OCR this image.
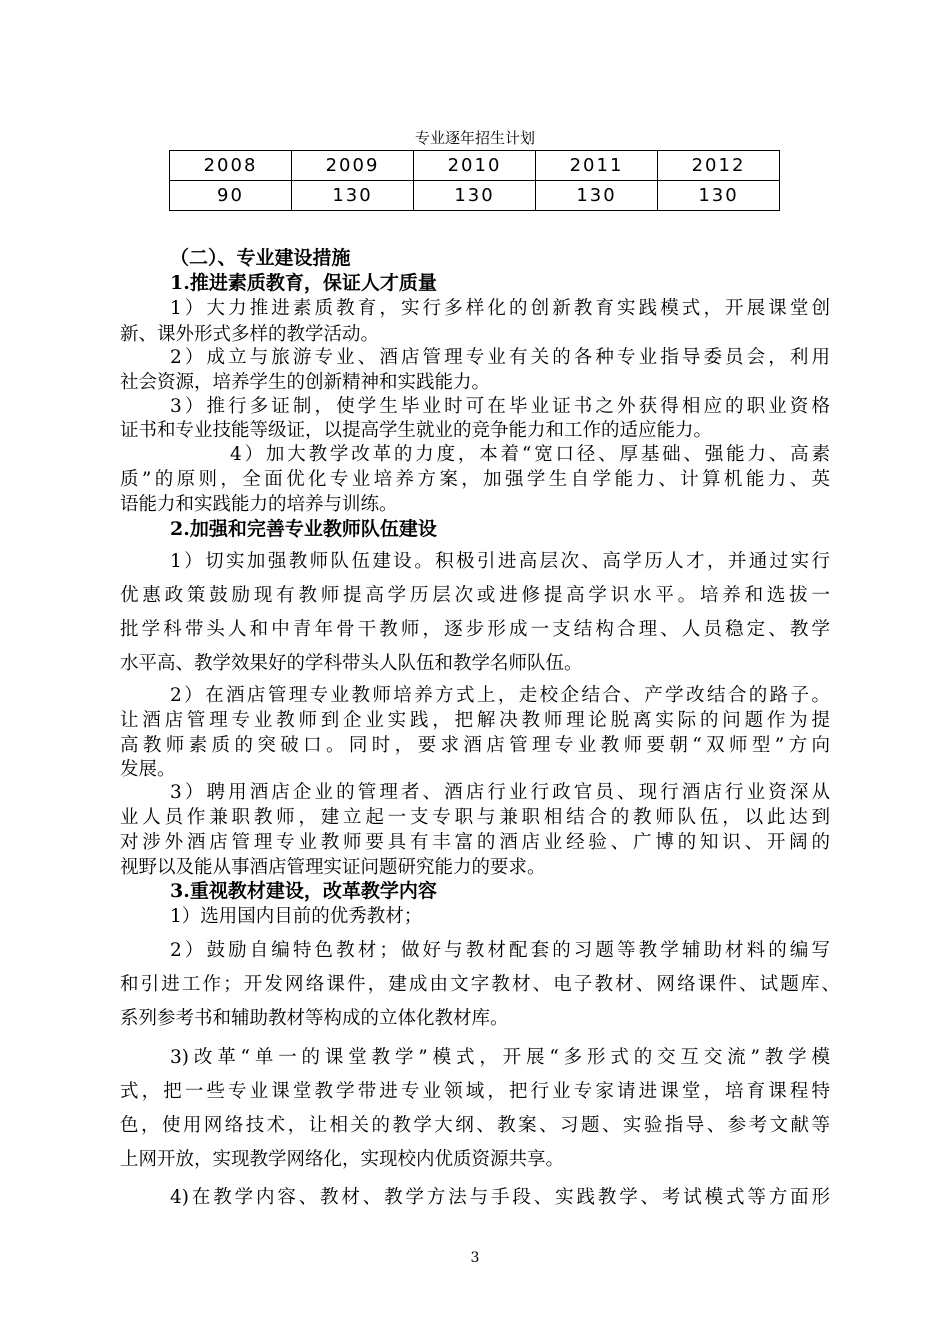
专业逐年招生计划
2008	2009	2010	2011	2012
90	130	130	130	130
（二）、专业建设措施
1.推进素质教育，保证人才质量
1）大力推进素质教育，实行多样化的创新教育实践模式，开展课堂创
新、课外形式多样的教学活动。
2）成立与旅游专业、酒店管理专业有关的各种专业指导委员会，利用
社会资源，培养学生的创新精神和实践能力。
3）推行多证制，使学生毕业时可在毕业证书之外获得相应的职业资格
证书和专业技能等级证，以提高学生就业的竞争能力和工作的适应能力。
4）加大教学改革的力度，本着“宽口径、厚基础、强能力、高素
质”的原则，全面优化专业培养方案，加强学生自学能力、计算机能力、英
语能力和实践能力的培养与训练。
2.加强和完善专业教师队伍建设
1）切实加强教师队伍建设。积极引进高层次、高学历人才，并通过实行
优惠政策鼓励现有教师提高学历层次或进修提高学识水平。培养和选拔一
批学科带头人和中青年骨干教师，逐步形成一支结构合理、人员稳定、教学
水平高、教学效果好的学科带头人队伍和教学名师队伍。
2）在酒店管理专业教师培养方式上，走校企结合、产学改结合的路子。
让酒店管理专业教师到企业实践，把解决教师理论脱离实际的问题作为提
高教师素质的突破口。同时，要求酒店管理专业教师要朝“双师型”方向
发展。
3）聘用酒店企业的管理者、酒店行业行政官员、现行酒店行业资深从
业人员作兼职教师，建立起一支专职与兼职相结合的教师队伍，以此达到
对涉外酒店管理专业教师要具有丰富的酒店业经验、广博的知识、开阔的
视野以及能从事酒店管理实证问题研究能力的要求。
3.重视教材建设，改革教学内容
1）选用国内目前的优秀教材；
2）鼓励自编特色教材；做好与教材配套的习题等教学辅助材料的编写
和引进工作；开发网络课件，建成由文字教材、电子教材、网络课件、试题库、
系列参考书和辅助教材等构成的立体化教材库。
3)改革“单一的课堂教学”模式，开展“多形式的交互交流”教学模
式，把一些专业课堂教学带进专业领域，把行业专家请进课堂，培育课程特
色，使用网络技术，让相关的教学大纲、教案、习题、实验指导、参考文献等
上网开放，实现教学网络化，实现校内优质资源共享。
4)在教学内容、教材、教学方法与手段、实践教学、考试模式等方面形
3
